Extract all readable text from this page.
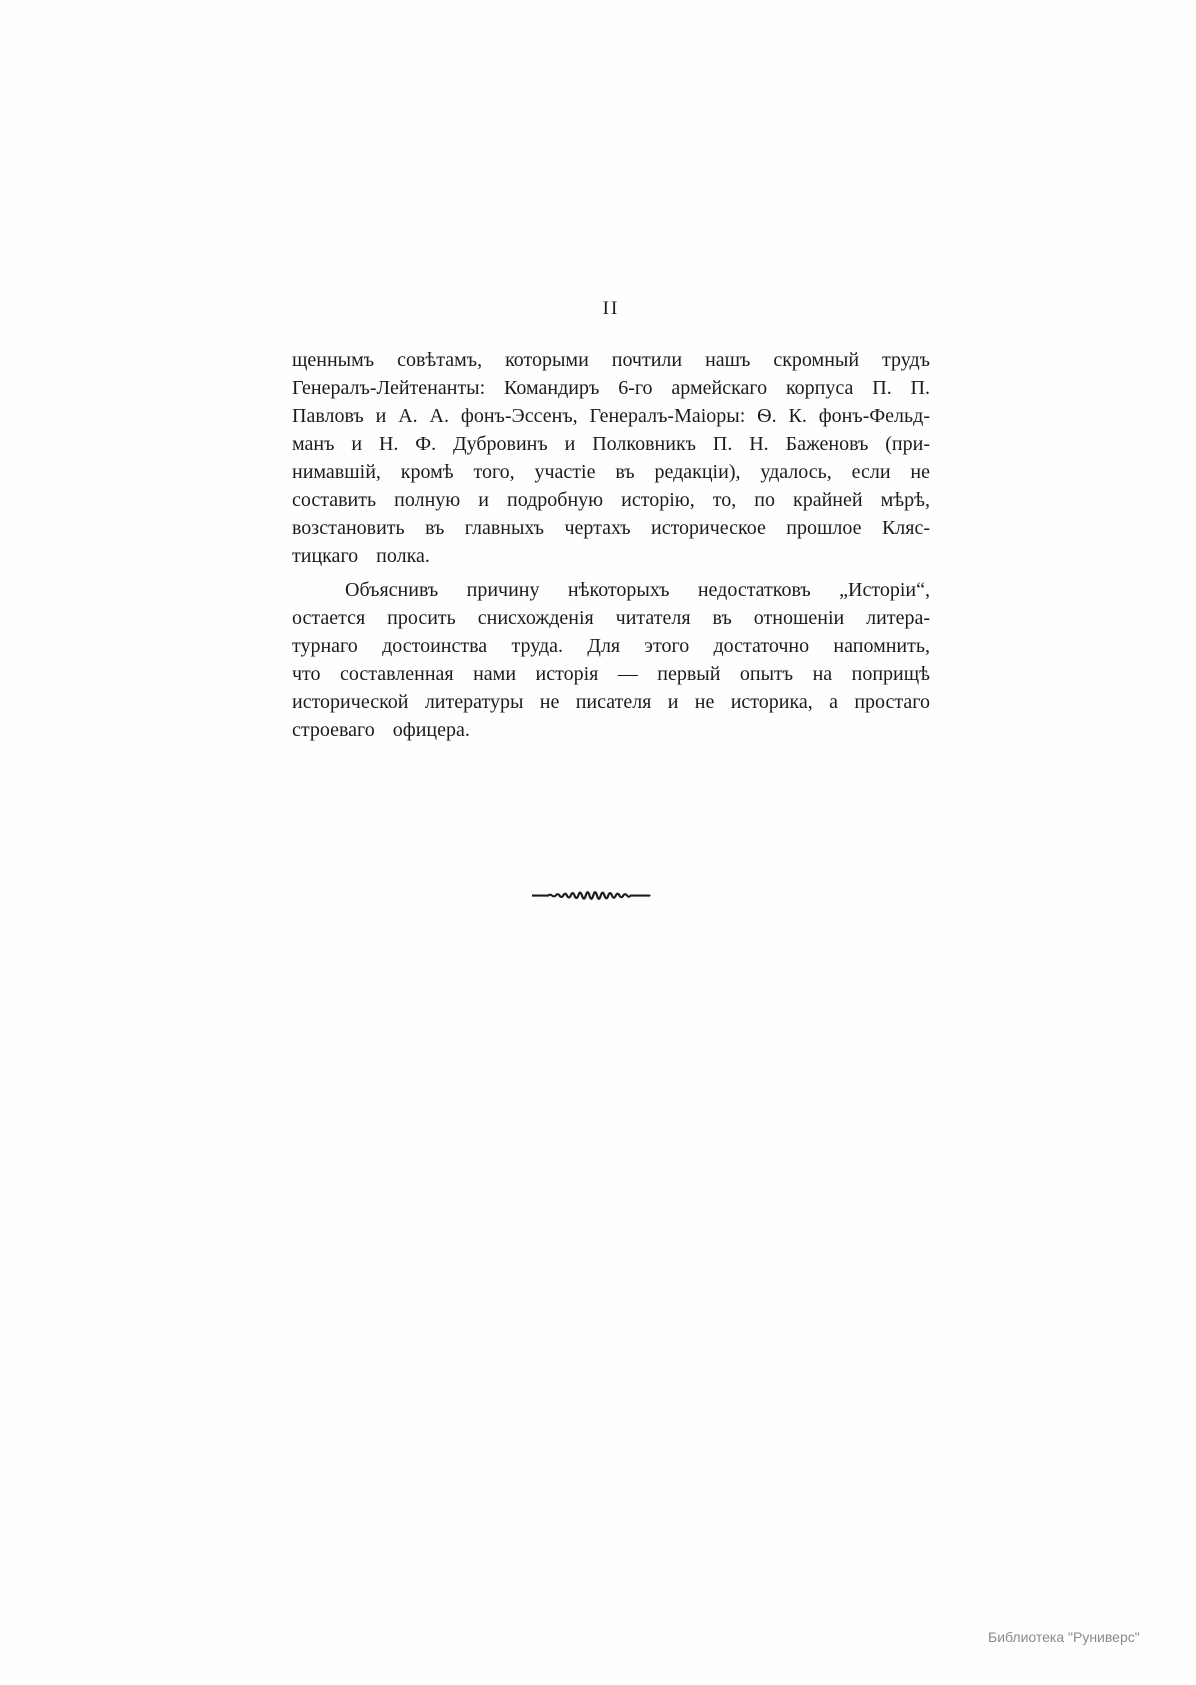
II
щеннымъ совѣтамъ, которыми почтили нашъ скромный трудъ
Генералъ-Лейтенанты: Командиръ 6-го армейскаго корпуса П. П.
Павловъ и А. А. фонъ-Эссенъ, Генералъ-Маіоры: Ѳ. К. фонъ-Фельд-
манъ и Н. Ф. Дубровинъ и Полковникъ П. Н. Баженовъ (при-
нимавшій, кромѣ того, участіе въ редакціи), удалось, если не
составить полную и подробную исторію, то, по крайней мѣрѣ,
возстановить въ главныхъ чертахъ историческое прошлое Кляс-
тицкаго полка.
Объяснивъ причину нѣкоторыхъ недостатковъ „Исторіи“,
остается просить снисхожденія читателя въ отношеніи литера-
турнаго достоинства труда. Для этого достаточно напомнить,
что составленная нами исторія — первый опытъ на поприщѣ
исторической литературы не писателя и не историка, а простаго
строеваго офицера.
Библиотека "Руниверс"
